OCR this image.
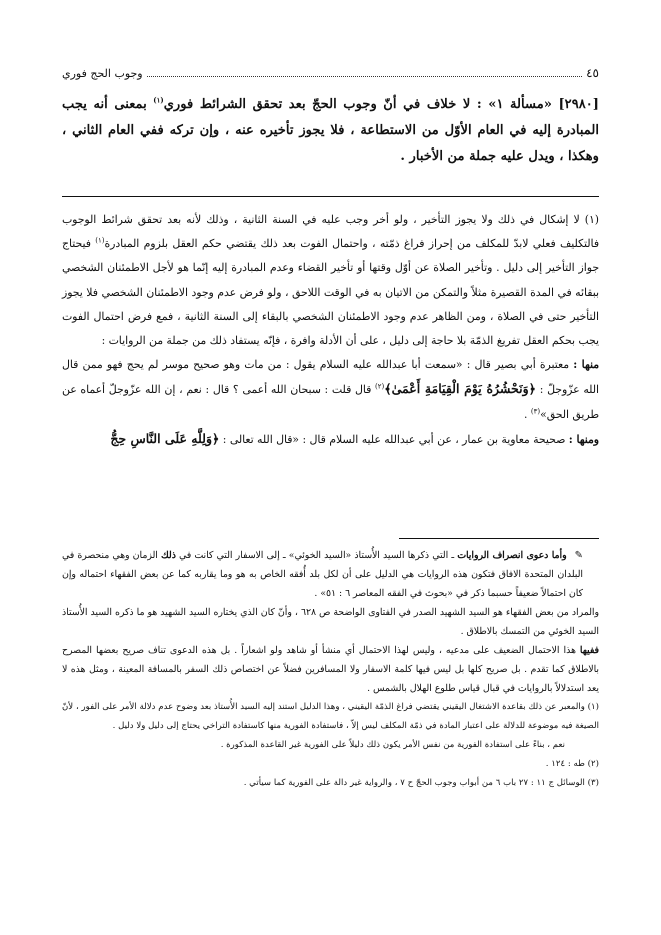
وجوب الحج فوري	٤٥
[٢٩٨٠] «مسألة ١» : لا خلاف في أنّ وجوب الحجّ بعد تحقق الشرائط فوري$^{(١)}$ بمعنى أنه يجب المبادرة إليه في العام الأوّل من الاستطاعة ، فلا يجوز تأخيره عنه ، وإن تركه ففي العام الثاني ، وهكذا ، ويدل عليه جملة من الأخبار .

(١) لا إشكال في ذلك ولا يجوز التأخير ، ولو أخر وجب عليه في السنة الثانية ، وذلك لأنه بعد تحقق شرائط الوجوب فالتكليف فعلي لابدّ للمكلف من إحراز فراغ ذمّته ، واحتمال الفوت بعد ذلك يقتضي حكم العقل بلزوم المبادرة$^{(١)}$ فيحتاج جواز التأخير إلى دليل . وتأخير الصلاة عن أوّل وقتها أو تأخير القضاء وعدم المبادرة إليه إنّما هو لأجل الاطمئنان الشخصي ببقائه في المدة القصيرة مثلاً والتمكن من الاتيان به في الوقت اللاحق ، ولو فرض عدم وجود الاطمئنان الشخصي فلا يجوز التأخير حتى في الصلاة ، ومن الظاهر عدم وجود الاطمئنان الشخصي بالبقاء إلى السنة الثانية ، فمع فرض احتمال الفوت يجب بحكم العقل تفريغ الذمّة بلا حاجة إلى دليل ، على أن الأدلة وافرة ، فإنّه يستفاد ذلك من جملة من الروايات :

منها : معتبرة أبي بصير قال : «سمعت أبا عبدالله عليه السلام يقول : من مات وهو صحيح موسر لم يحج فهو ممن قال الله عزّوجلّ : ﴿وَنَحْشُرُهُ يَوْمَ الْقِيَامَةِ أَعْمَىٰ﴾$^{(٢)}$ قال قلت : سبحان الله أعمى ؟ قال : نعم ، إن الله عزّوجلّ أعماه عن طريق الحق»$^{(٣)}$ .

ومنها : صحيحة معاوية بن عمار ، عن أبي عبدالله عليه السلام قال : «قال الله تعالى : ﴿وَلِلَّهِ عَلَى النَّاسِ حِجُّ

✎وأما دعوى انصراف الروايات ـ التي ذكرها السيد الأُستاذ «السيد الخوئي» ـ إلى الاسفار التي كانت في ذلك الزمان وهي منحصرة في البلدان المتحدة الافاق فتكون هذه الروايات هي الدليل على أن لكل بلد أُفقه الخاص به هو وما يقاربه كما عن بعض الفقهاء احتماله وإن كان احتمالاً ضعيفاً حسبما ذكر في «بحوث في الفقه المعاصر ٦ : ٥١» .

والمراد من بعض الفقهاء هو السيد الشهيد الصدر في الفتاوى الواضحة ص ٦٢٨ ، وأنّ كان الذي يختاره السيد الشهيد هو ما ذكره السيد الأُستاذ السيد الخوئي من التمسك بالاطلاق .

ففيها هذا الاحتمال الضعيف على مدعيه ، وليس لهذا الاحتمال أي منشأ أو شاهد ولو اشعاراً . بل هذه الدعوى تناف صريح بعضها المصرح بالاطلاق كما تقدم . بل صريح كلها بل ليس فيها كلمة الاسفار ولا المسافرين فضلاً عن اختصاص ذلك السفر بالمسافة المعينة ، ومثل هذه لا يعد استدلالاً بالروايات في قبال قياس طلوع الهلال بالشمس .

(١) والمعبر عن ذلك بقاعدة الاشتغال اليقيني يقتضي فراغ الذمّة اليقيني ، وهذا الدليل استند إليه السيد الأُستاذ بعد وضوح عدم دلالة الأمر على الفور ، لأنّ الصيغة فيه موضوعة للدلالة على اعتبار المادة في ذمّة المكلف ليس إلاّ ، فاستفادة الفورية منها كاستفادة التراخي يحتاج إلى دليل ولا دليل .

نعم ، بناءً على استفادة الفورية من نفس الأمر يكون ذلك دليلاً على الفورية غير القاعدة المذكورة .

(٢) طه : ١٢٤ .

(٣) الوسائل ج ١١ : ٢٧ باب ٦ من أبواب وجوب الحجّ ح ٧ ، والرواية غير دالة على الفورية كما سيأتي .
